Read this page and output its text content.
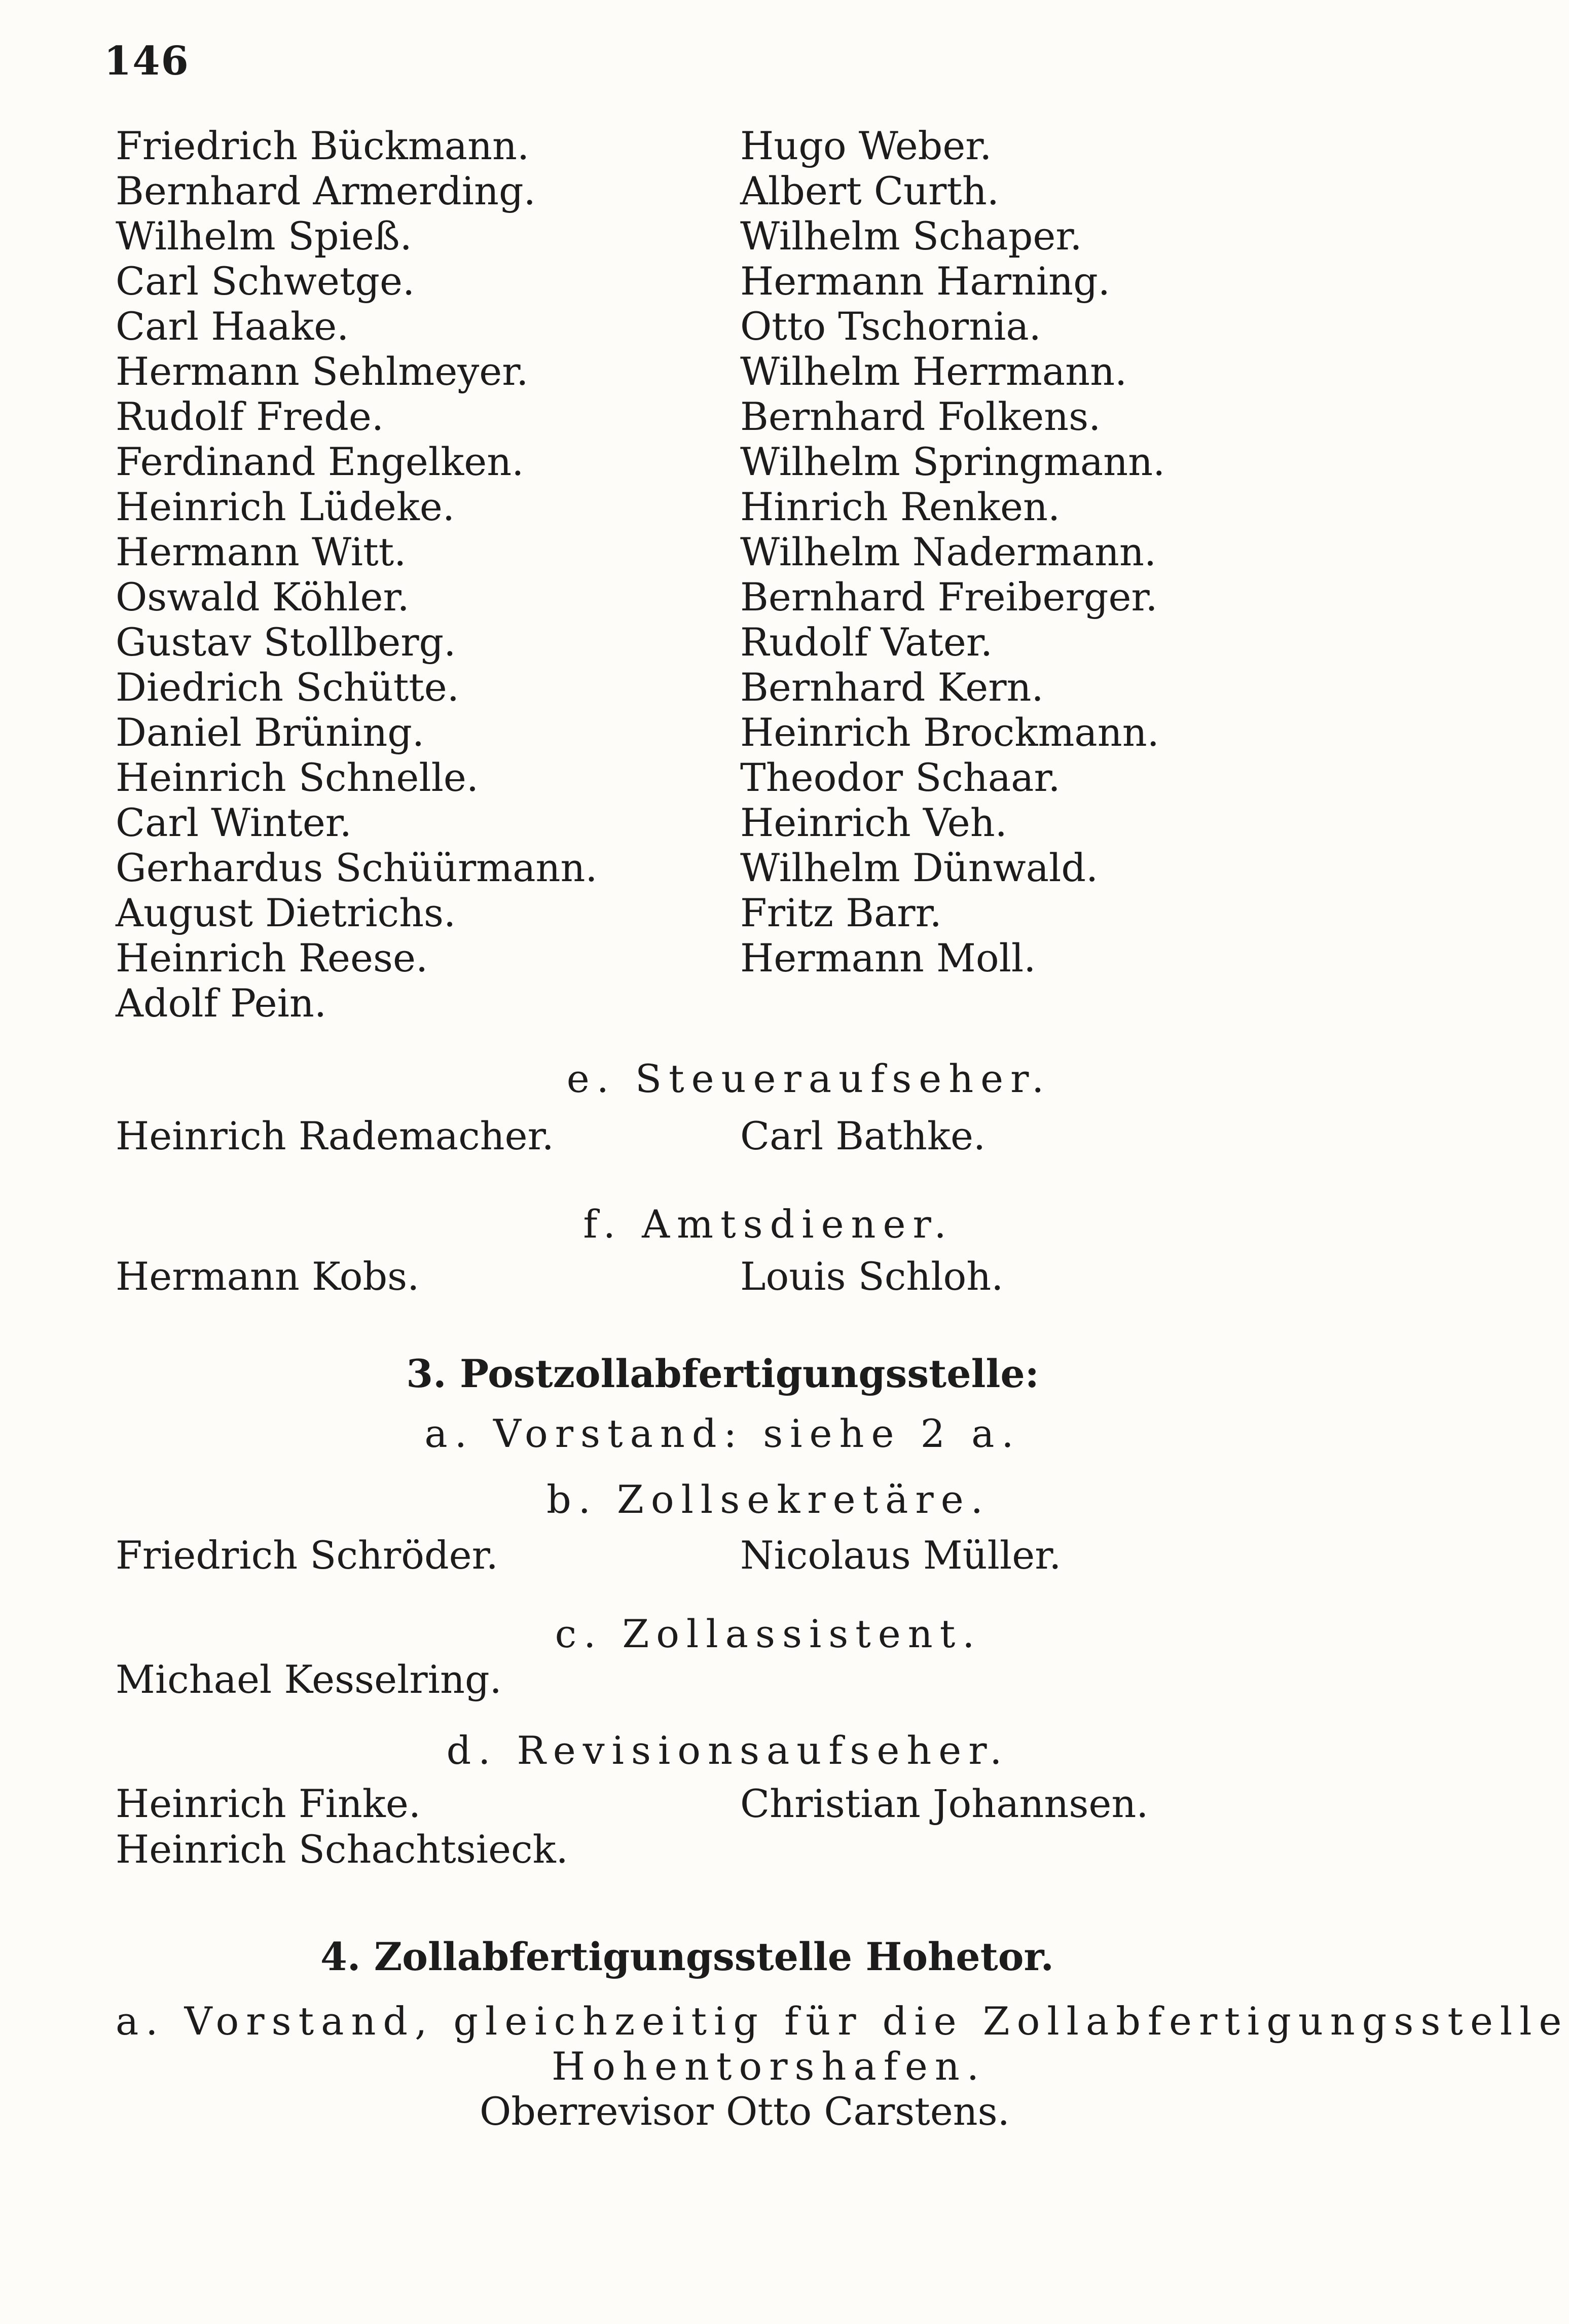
146
Friedrich Bückmann.	Hugo Weber.
Bernhard Armerding.	Albert Curth.
Wilhelm Spieß.	Wilhelm Schaper.
Carl Schwetge.	Hermann Harning.
Carl Haake.	Otto Tschornia.
Hermann Sehlmeyer.	Wilhelm Herrmann.
Rudolf Frede.	Bernhard Folkens.
Ferdinand Engelken.	Wilhelm Springmann.
Heinrich Lüdeke.	Hinrich Renken.
Hermann Witt.	Wilhelm Nadermann.
Oswald Köhler.	Bernhard Freiberger.
Gustav Stollberg.	Rudolf Vater.
Diedrich Schütte.	Bernhard Kern.
Daniel Brüning.	Heinrich Brockmann.
Heinrich Schnelle.	Theodor Schaar.
Carl Winter.	Heinrich Veh.
Gerhardus Schüürmann.	Wilhelm Dünwald.
August Dietrichs.	Fritz Barr.
Heinrich Reese.	Hermann Moll.
Adolf Pein.
e. Steueraufseher.
Heinrich Rademacher.	Carl Bathke.
f. Amtsdiener.
Hermann Kobs.	Louis Schloh.
3. Postzollabfertigungsstelle:
a. Vorstand: siehe 2 a.
b. Zollsekretäre.
Friedrich Schröder.	Nicolaus Müller.
c. Zollassistent.
Michael Kesselring.
d. Revisionsaufseher.
Heinrich Finke.	Christian Johannsen.
Heinrich Schachtsieck.
4. Zollabfertigungsstelle Hohetor.
a. Vorstand, gleichzeitig für die Zollabfertigungsstelle
Hohentorshafen.
Oberrevisor Otto Carstens.
